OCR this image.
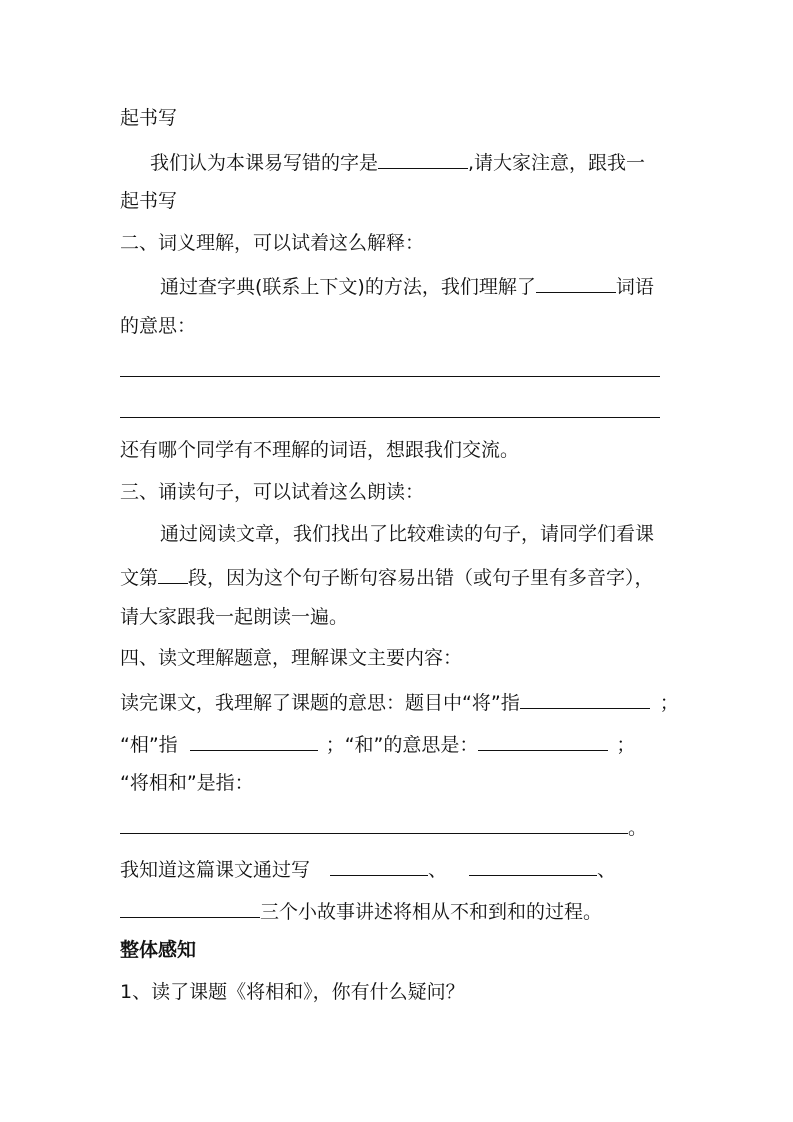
起书写
我们认为本课易写错的字是	,请大家注意，跟我一
起书写
二、词义理解，可以试着这么解释：
通过查字典(联系上下文)的方法，我们理解了	词语
的意思：
还有哪个同学有不理解的词语，想跟我们交流。
三、诵读句子，可以试着这么朗读：
通过阅读文章，我们找出了比较难读的句子，请同学们看课
文第 段，因为这个句子断句容易出错（或句子里有多音字），
请大家跟我一起朗读一遍。
四、读文理解题意，理解课文主要内容：
读完课文，我理解了课题的意思：题目中“将”指	；
“相”指	；“和”的意思是：	；
“将相和”是指：
。
我知道这篇课文通过写	、	、
三个小故事讲述将相从不和到和的过程。
整体感知
1、读了课题《将相和》，你有什么疑问？
